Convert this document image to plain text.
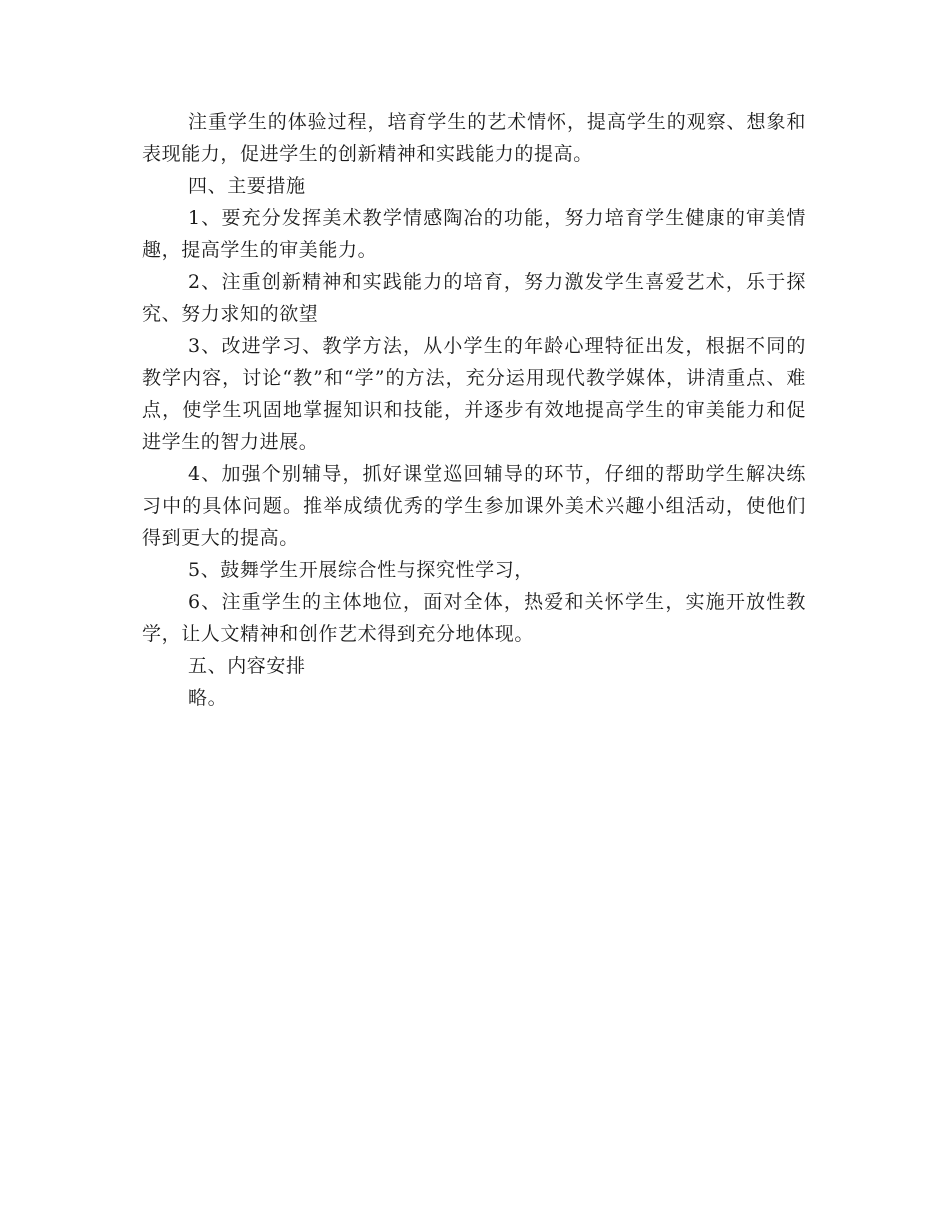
注重学生的体验过程，培育学生的艺术情怀，提高学生的观察、想象和表现能力，促进学生的创新精神和实践能力的提高。

四、主要措施

1、要充分发挥美术教学情感陶冶的功能，努力培育学生健康的审美情趣，提高学生的审美能力。

2、注重创新精神和实践能力的培育，努力激发学生喜爱艺术，乐于探究、努力求知的欲望

3、改进学习、教学方法，从小学生的年龄心理特征出发，根据不同的教学内容，讨论“教”和“学”的方法，充分运用现代教学媒体，讲清重点、难点，使学生巩固地掌握知识和技能，并逐步有效地提高学生的审美能力和促进学生的智力进展。

4、加强个别辅导，抓好课堂巡回辅导的环节，仔细的帮助学生解决练习中的具体问题。推举成绩优秀的学生参加课外美术兴趣小组活动，使他们得到更大的提高。

5、鼓舞学生开展综合性与探究性学习，

6、注重学生的主体地位，面对全体，热爱和关怀学生，实施开放性教学，让人文精神和创作艺术得到充分地体现。

五、内容安排

略。
